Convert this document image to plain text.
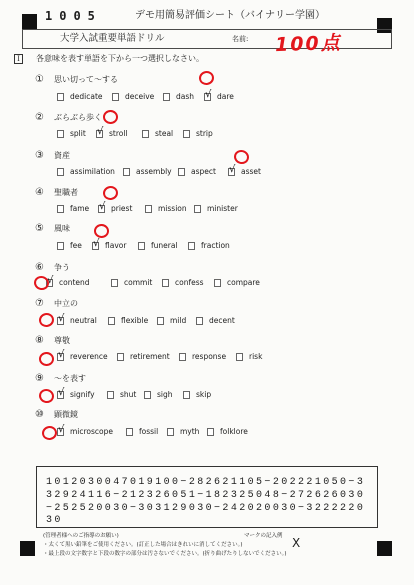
1005	デモ用簡易評価シート（バイナリー学園）
大学入試重要単語ドリル	名前: 100点
I	各意味を表す単語を下から一つ選択しなさい。
① 思い切って～する
dedicate	deceive	dash √ dare
② ぶらぶら歩く
split √ stroll	steal	strip
③ 資産
assimilation	assembly	aspect √ asset
④ 聖職者
fame √ priest	mission	minister
⑤ 風味
fee √ flavor	funeral	fraction
⑥ 争う
√ contend	commit	confess	compare
⑦ 中立の
√ neutral	flexible	mild	decent
⑧ 尊敬
√ reverence	retirement	response	risk
⑨ ～を表す
√ signify	shut	sigh	skip
⑩ 顕微鏡
√ microscope	fossil	myth	folklore
1012030047019100−282621105−202221050−3
32924116−212326051−182325048−272626030
−252520030−303129030−242020030−3222220
30
(管理者様へのご指導のお願い)
・太くて黒い鉛筆をご使用ください。(訂正した場合はきれいに消してください。)
・最上段の文字数字と下段の数字の部分は汚さないでください。(折り曲げたりしないでください。)
マークの記入例 X
